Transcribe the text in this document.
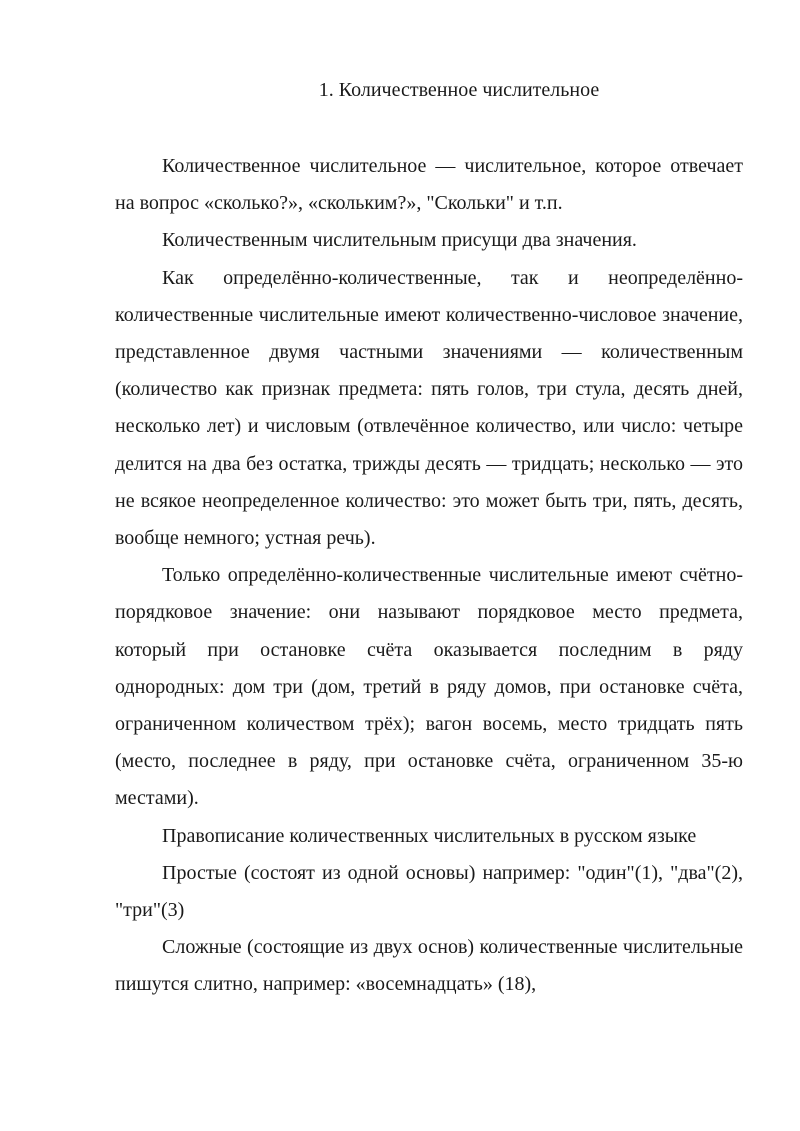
1. Количественное числительное

Количественное числительное — числительное, которое отвечает на вопрос «сколько?», «скольким?», "Скольки" и т.п.

Количественным числительным присущи два значения.

Как определённо-количественные, так и неопределённо-количественные числительные имеют количественно-числовое значение, представленное двумя частными значениями — количественным (количество как признак предмета: пять голов, три стула, десять дней, несколько лет) и числовым (отвлечённое количество, или число: четыре делится на два без остатка, трижды десять — тридцать; несколько — это не всякое неопределенное количество: это может быть три, пять, десять, вообще немного; устная речь).

Только определённо-количественные числительные имеют счётно-порядковое значение: они называют порядковое место предмета, который при остановке счёта оказывается последним в ряду однородных: дом три (дом, третий в ряду домов, при остановке счёта, ограниченном количеством трёх); вагон восемь, место тридцать пять (место, последнее в ряду, при остановке счёта, ограниченном 35-ю местами).

Правописание количественных числительных в русском языке

Простые (состоят из одной основы) например: "один"(1), "два"(2), "три"(3)

Сложные (состоящие из двух основ) количественные числительные пишутся слитно, например: «восемнадцать» (18),
